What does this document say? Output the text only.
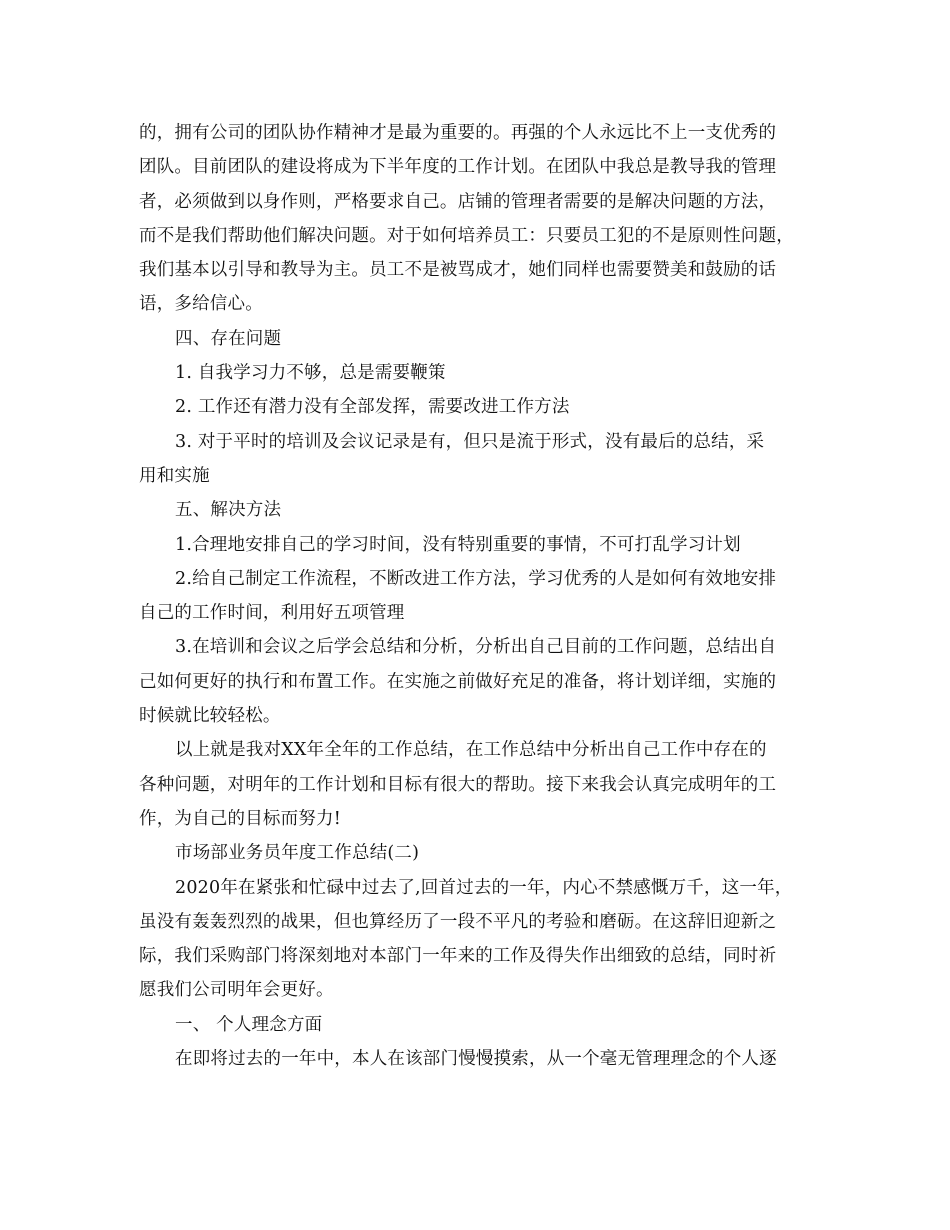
的，拥有公司的团队协作精神才是最为重要的。再强的个人永远比不上一支优秀的
团队。目前团队的建设将成为下半年度的工作计划。在团队中我总是教导我的管理
者，必须做到以身作则，严格要求自己。店铺的管理者需要的是解决问题的方法，
而不是我们帮助他们解决问题。对于如何培养员工：只要员工犯的不是原则性问题，
我们基本以引导和教导为主。员工不是被骂成才，她们同样也需要赞美和鼓励的话
语，多给信心。
四、存在问题
1. 自我学习力不够，总是需要鞭策
2. 工作还有潜力没有全部发挥，需要改进工作方法
3. 对于平时的培训及会议记录是有，但只是流于形式，没有最后的总结，采
用和实施
五、解决方法
1.合理地安排自己的学习时间，没有特别重要的事情，不可打乱学习计划
2.给自己制定工作流程，不断改进工作方法，学习优秀的人是如何有效地安排
自己的工作时间，利用好五项管理
3.在培训和会议之后学会总结和分析，分析出自己目前的工作问题，总结出自
己如何更好的执行和布置工作。在实施之前做好充足的准备，将计划详细，实施的
时候就比较轻松。
以上就是我对XX年全年的工作总结，在工作总结中分析出自己工作中存在的
各种问题，对明年的工作计划和目标有很大的帮助。接下来我会认真完成明年的工
作，为自己的目标而努力!
市场部业务员年度工作总结(二)
2020年在紧张和忙碌中过去了,回首过去的一年，内心不禁感慨万千，这一年，
虽没有轰轰烈烈的战果，但也算经历了一段不平凡的考验和磨砺。在这辞旧迎新之
际，我们采购部门将深刻地对本部门一年来的工作及得失作出细致的总结，同时祈
愿我们公司明年会更好。
一、 个人理念方面
在即将过去的一年中，本人在该部门慢慢摸索，从一个毫无管理理念的个人逐
